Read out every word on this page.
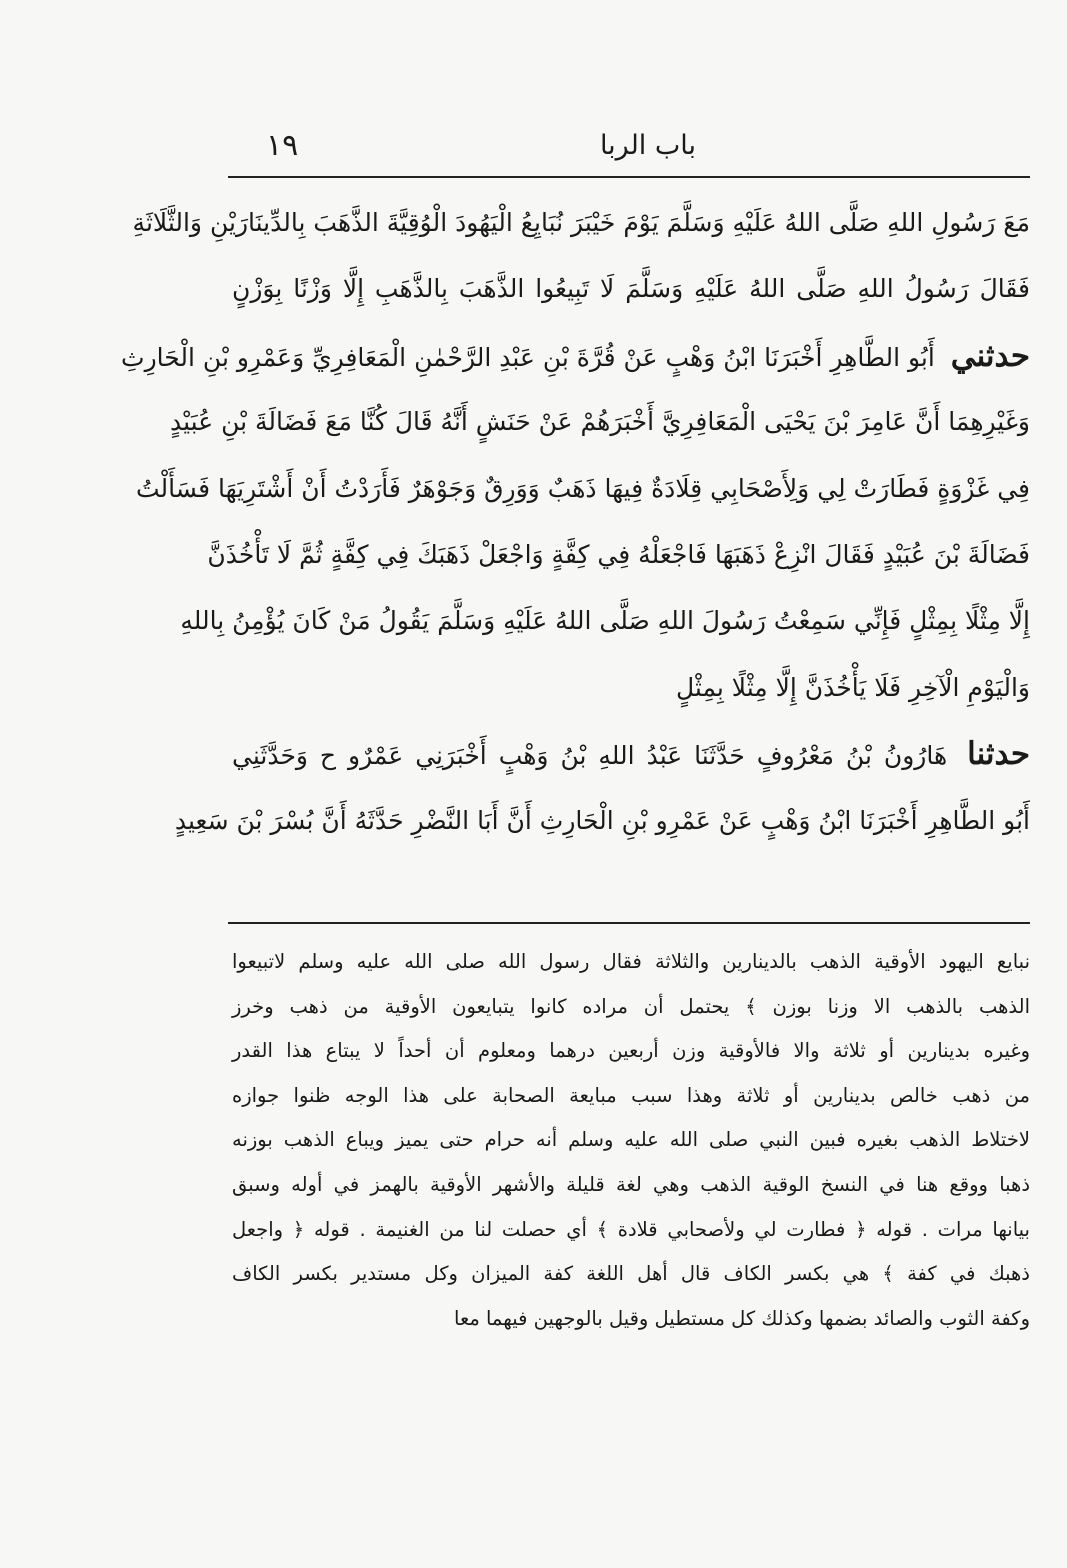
١٩	باب الربا
مَعَ رَسُولِ اللهِ صَلَّى اللهُ عَلَيْهِ وَسَلَّمَ يَوْمَ خَيْبَرَ نُبَايِعُ الْيَهُودَ الْوُقِيَّةَ الذَّهَبَ بِالدِّينَارَيْنِ وَالثَّلَاثَةِ
فَقَالَ رَسُولُ اللهِ صَلَّى اللهُ عَلَيْهِ وَسَلَّمَ لَا تَبِيعُوا الذَّهَبَ بِالذَّهَبِ إِلَّا وَزْنًا بِوَزْنٍ
حدثني أَبُو الطَّاهِرِ أَخْبَرَنَا ابْنُ وَهْبٍ عَنْ قُرَّةَ بْنِ عَبْدِ الرَّحْمٰنِ الْمَعَافِرِيِّ وَعَمْرِو بْنِ الْحَارِثِ
وَغَيْرِهِمَا أَنَّ عَامِرَ بْنَ يَحْيَى الْمَعَافِرِيَّ أَخْبَرَهُمْ عَنْ حَنَشٍ أَنَّهُ قَالَ كُنَّا مَعَ فَضَالَةَ بْنِ عُبَيْدٍ
فِي غَزْوَةٍ فَطَارَتْ لِي وَلِأَصْحَابِي قِلَادَةٌ فِيهَا ذَهَبٌ وَوَرِقٌ وَجَوْهَرٌ فَأَرَدْتُ أَنْ أَشْتَرِيَهَا فَسَأَلْتُ
فَضَالَةَ بْنَ عُبَيْدٍ فَقَالَ انْزِعْ ذَهَبَهَا فَاجْعَلْهُ فِي كِفَّةٍ وَاجْعَلْ ذَهَبَكَ فِي كِفَّةٍ ثُمَّ لَا تَأْخُذَنَّ
إِلَّا مِثْلًا بِمِثْلٍ فَإِنِّي سَمِعْتُ رَسُولَ اللهِ صَلَّى اللهُ عَلَيْهِ وَسَلَّمَ يَقُولُ مَنْ كَانَ يُؤْمِنُ بِاللهِ
وَالْيَوْمِ الْآخِرِ فَلَا يَأْخُذَنَّ إِلَّا مِثْلًا بِمِثْلٍ
حدثنا هَارُونُ بْنُ مَعْرُوفٍ حَدَّثَنَا عَبْدُ اللهِ بْنُ وَهْبٍ أَخْبَرَنِي عَمْرٌو ح وَحَدَّثَنِي
أَبُو الطَّاهِرِ أَخْبَرَنَا ابْنُ وَهْبٍ عَنْ عَمْرِو بْنِ الْحَارِثِ أَنَّ أَبَا النَّضْرِ حَدَّثَهُ أَنَّ بُسْرَ بْنَ سَعِيدٍ
نبايع اليهود الأوقية الذهب بالدينارين والثلاثة فقال رسول الله صلى الله عليه وسلم لاتبيعوا
الذهب بالذهب الا وزنا بوزن ﴾ يحتمل أن مراده كانوا يتبايعون الأوقية من ذهب وخرز
وغيره بدينارين أو ثلاثة والا فالأوقية وزن أربعين درهما ومعلوم أن أحداً لا يبتاع هذا القدر
من ذهب خالص بدينارين أو ثلاثة وهذا سبب مبايعة الصحابة على هذا الوجه ظنوا جوازه
لاختلاط الذهب بغيره فبين النبي صلى الله عليه وسلم أنه حرام حتى يميز ويباع الذهب بوزنه
ذهبا ووقع هنا في النسخ الوقية الذهب وهي لغة قليلة والأشهر الأوقية بالهمز في أوله وسبق
بيانها مرات . قوله ﴿ فطارت لي ولأصحابي قلادة ﴾ أي حصلت لنا من الغنيمة . قوله ﴿ واجعل
ذهبك في كفة ﴾ هي بكسر الكاف قال أهل اللغة كفة الميزان وكل مستدير بكسر الكاف
وكفة الثوب والصائد بضمها وكذلك كل مستطيل وقيل بالوجهين فيهما معا
